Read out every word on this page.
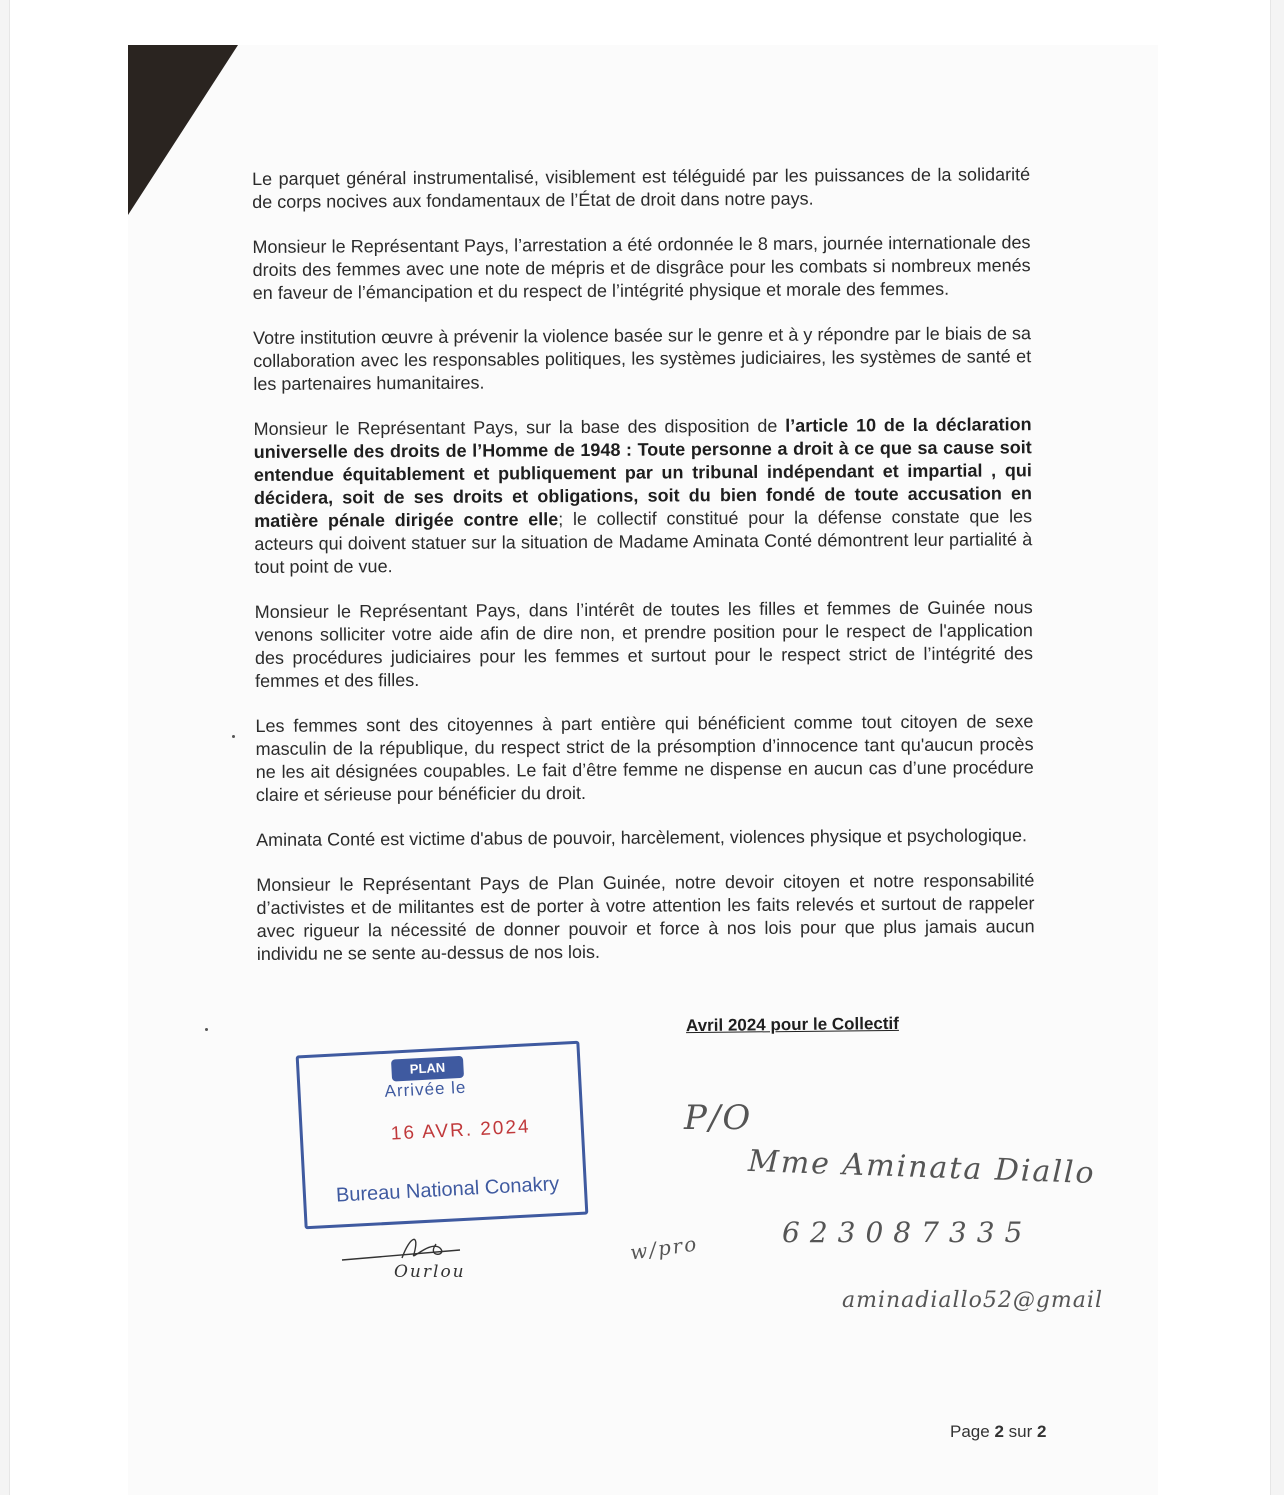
Le parquet général instrumentalisé, visiblement est téléguidé par les puissances de la solidarité de corps nocives aux fondamentaux de l’État de droit dans notre pays.

Monsieur le Représentant Pays, l’arrestation a été ordonnée le 8 mars, journée internationale des droits des femmes avec une note de mépris et de disgrâce pour les combats si nombreux menés en faveur de l’émancipation et du respect de l’intégrité physique et morale des femmes.

Votre institution œuvre à prévenir la violence basée sur le genre et à y répondre par le biais de sa collaboration avec les responsables politiques, les systèmes judiciaires, les systèmes de santé et les partenaires humanitaires.

Monsieur le Représentant Pays, sur la base des disposition de l’article 10 de la déclaration universelle des droits de l’Homme de 1948 : Toute personne a droit à ce que sa cause soit entendue équitablement et publiquement par un tribunal indépendant et impartial , qui décidera, soit de ses droits et obligations, soit du bien fondé de toute accusation en matière pénale dirigée contre elle; le collectif constitué pour la défense constate que les acteurs qui doivent statuer sur la situation de Madame Aminata Conté démontrent leur partialité à tout point de vue.

Monsieur le Représentant Pays, dans l’intérêt de toutes les filles et femmes de Guinée nous venons solliciter votre aide afin de dire non, et prendre position pour le respect de l'application des procédures judiciaires pour les femmes et surtout pour le respect strict de l’intégrité des femmes et des filles.

Les femmes sont des citoyennes à part entière qui bénéficient comme tout citoyen de sexe masculin de la république, du respect strict de la présomption d’innocence tant qu'aucun procès ne les ait désignées coupables. Le fait d’être femme ne dispense en aucun cas d’une procédure claire et sérieuse pour bénéficier du droit.

Aminata Conté est victime d'abus de pouvoir, harcèlement, violences physique et psychologique.

Monsieur le Représentant Pays de Plan Guinée, notre devoir citoyen et notre responsabilité d’activistes et de militantes est de porter à votre attention les faits relevés et surtout de rappeler avec rigueur la nécessité de donner pouvoir et force à nos lois pour que plus jamais aucun individu ne se sente au-dessus de nos lois.

Avril 2024 pour le Collectif
PLAN
Arrivée le
16 AVR. 2024
Bureau National Conakry
Ourlou
P/O
Mme Aminata Diallo
623087335
w/pro
aminadiallo52@gmail
Page 2 sur 2
